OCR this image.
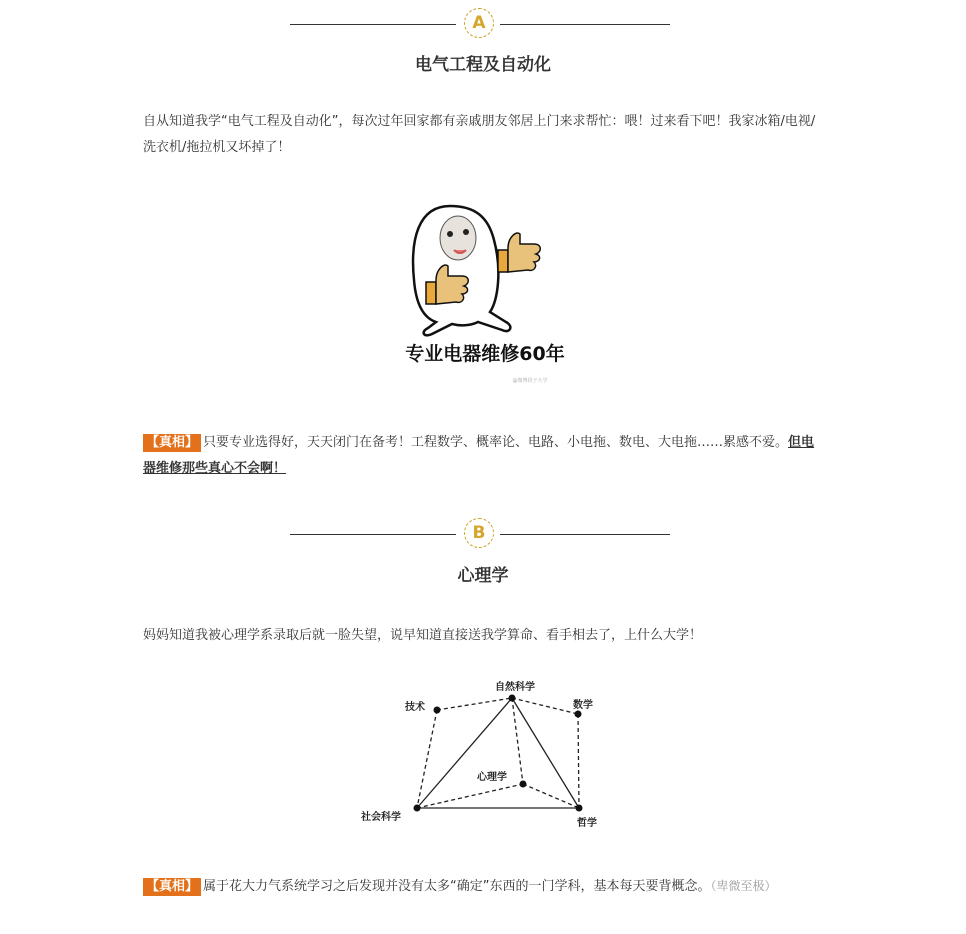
A
电气工程及自动化
自从知道我学“电气工程及自动化”，每次过年回家都有亲戚朋友邻居上门来求帮忙：喂！过来看下吧！我家冰箱/电视/洗衣机/拖拉机又坏掉了！
专业电器维修60年
@微博段子大学
【真相】 只要专业选得好，天天闭门在备考！工程数学、概率论、电路、小电拖、数电、大电拖……累感不爱。但电器维修那些真心不会啊！
B
心理学
妈妈知道我被心理学系录取后就一脸失望，说早知道直接送我学算命、看手相去了，上什么大学！
自然科学
技术	数学
心理学
社会科学
哲学
【真相】 属于花大力气系统学习之后发现并没有太多“确定”东西的一门学科，基本每天要背概念。（卑微至极）
